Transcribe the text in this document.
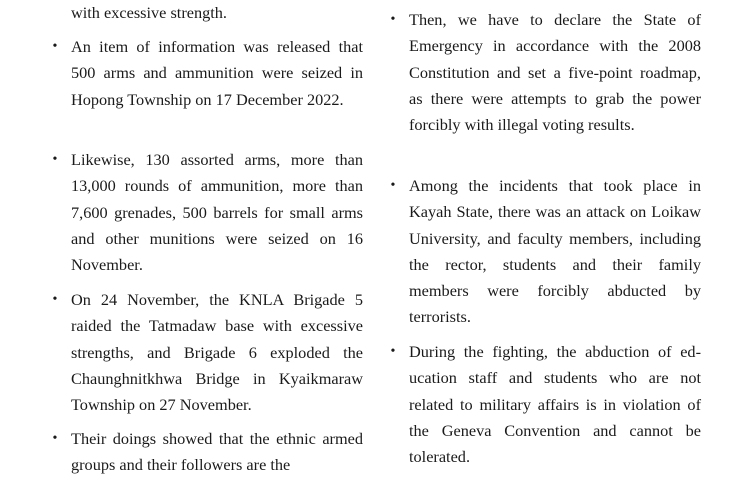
with excessive strength.

• An item of information was released that 500 arms and ammunition were seized in Hopong Township on 17 December 2022.

• Likewise, 130 assorted arms, more than 13,000 rounds of ammunition, more than 7,600 grenades, 500 barrels for small arms and other munitions were seized on 16 November.

• On 24 November, the KNLA Brigade 5 raided the Tatmadaw base with excessive strengths, and Brigade 6 exploded the Chaunghnitkhwa Bridge in Kyaikmaraw Township on 27 November.

• Their doings showed that the ethnic armed groups and their followers are the

• Then, we have to declare the State of Emergency in accordance with the 2008 Constitution and set a five-point roadmap, as there were attempts to grab the power forcibly with illegal voting results.

• Among the incidents that took place in Kayah State, there was an attack on Loikaw University, and faculty members, including the rector, students and their family members were forcibly abducted by terrorists.

• During the fighting, the abduction of education staff and students who are not related to military affairs is in violation of the Geneva Convention and cannot be tolerated.
